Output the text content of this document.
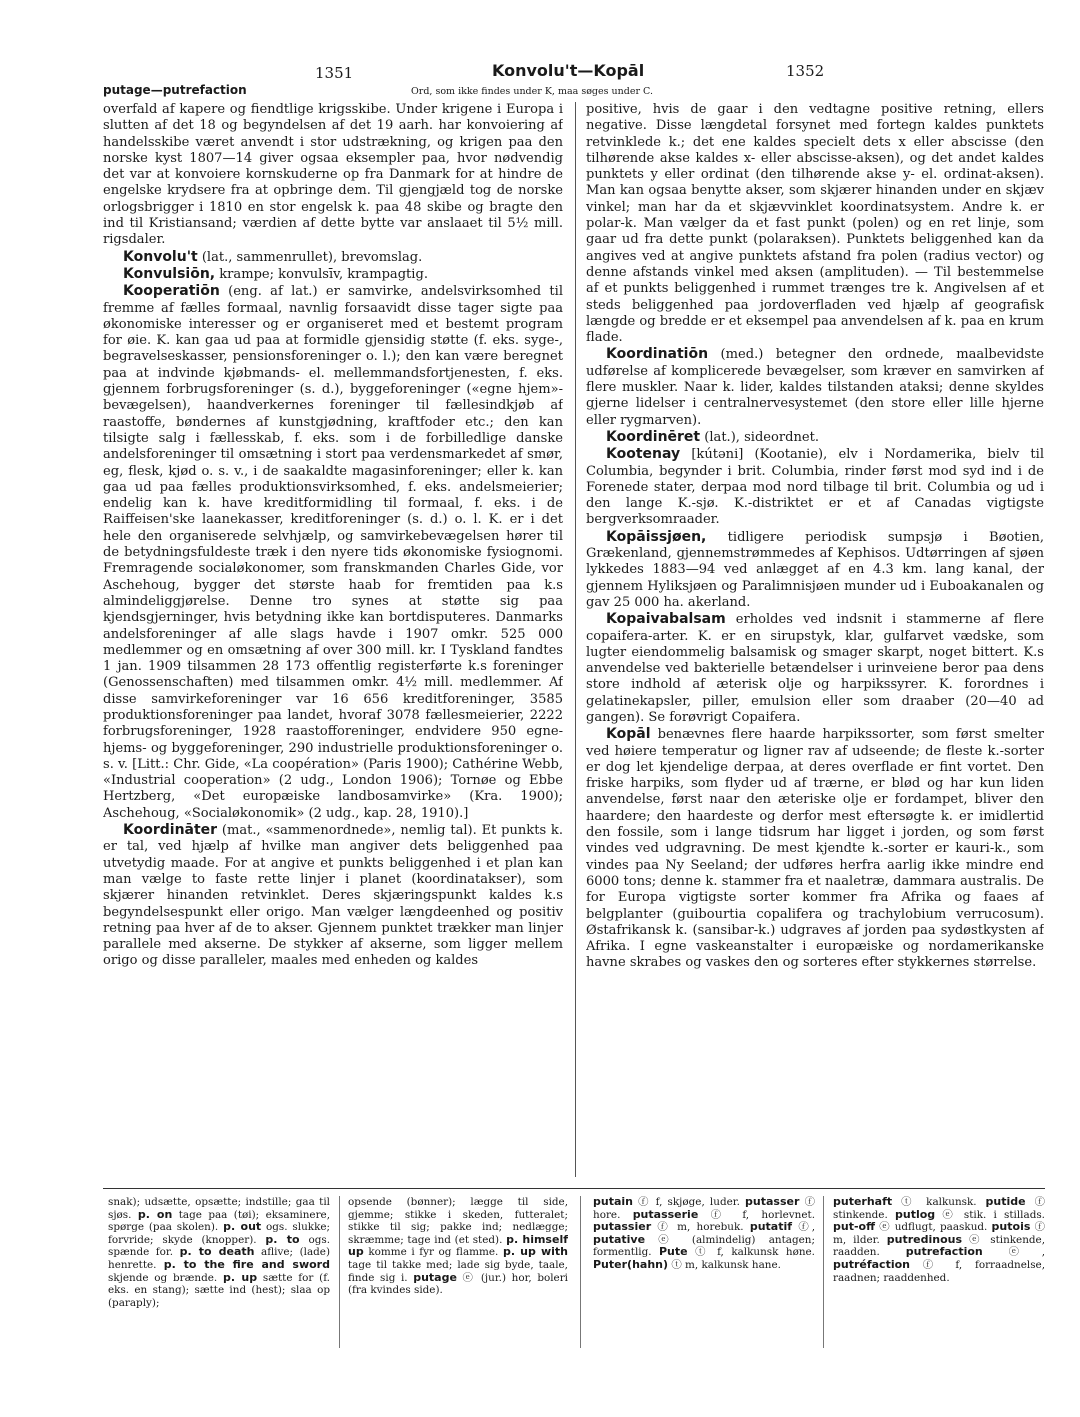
1351	Konvolu't—Kopāl	1352
putage—putrefaction	Ord, som ikke findes under K, maa søges under C.

overfald af kapere og fiendtlige krigsskibe. Under krigene i Europa i slutten af det 18 og begyndelsen af det 19 aarh. har konvoiering af handelsskibe været anvendt i stor udstrækning, og krigen paa den norske kyst 1807—14 giver ogsaa eksempler paa, hvor nødvendig det var at konvoiere kornskuderne op fra Danmark for at hindre de engelske krydsere fra at opbringe dem. Til gjengjæld tog de norske orlogsbrigger i 1810 en stor engelsk k. paa 48 skibe og bragte den ind til Kristiansand; værdien af dette bytte var anslaaet til 5½ mill. rigsdaler.

Konvolu't (lat., sammenrullet), brevomslag.

Konvulsiōn, krampe; konvulsīv, krampagtig.

Kooperatiōn (eng. af lat.) er samvirke, andelsvirksomhed til fremme af fælles formaal, navnlig forsaavidt disse tager sigte paa økonomiske interesser og er organiseret med et bestemt program for øie. K. kan gaa ud paa at formidle gjensidig støtte (f. eks. syge-, begravelseskasser, pensionsforeninger o. l.); den kan være beregnet paa at indvinde kjøbmands- el. mellemmandsfortjenesten, f. eks. gjennem forbrugsforeninger (s. d.), byggeforeninger («egne hjem»-bevægelsen), haandverkernes foreninger til fællesindkjøb af raastoffe, bøndernes af kunstgjødning, kraftfoder etc.; den kan tilsigte salg i fællesskab, f. eks. som i de forbilledlige danske andelsforeninger til omsætning i stort paa verdensmarkedet af smør, eg, flesk, kjød o. s. v., i de saakaldte magasinforeninger; eller k. kan gaa ud paa fælles produktionsvirksomhed, f. eks. andelsmeierier; endelig kan k. have kreditformidling til formaal, f. eks. i de Raiffeisen'ske laanekasser, kreditforeninger (s. d.) o. l. K. er i det hele den organiserede selvhjælp, og samvirkebevægelsen hører til de betydningsfuldeste træk i den nyere tids økonomiske fysiognomi. Fremragende socialøkonomer, som franskmanden Charles Gide, vor Aschehoug, bygger det største haab for fremtiden paa k.s almindeliggjørelse. Denne tro synes at støtte sig paa kjendsgjerninger, hvis betydning ikke kan bortdisputeres. Danmarks andelsforeninger af alle slags havde i 1907 omkr. 525 000 medlemmer og en omsætning af over 300 mill. kr. I Tyskland fandtes 1 jan. 1909 tilsammen 28 173 offentlig registerførte k.s foreninger (Genossenschaften) med tilsammen omkr. 4½ mill. medlemmer. Af disse samvirkeforeninger var 16 656 kreditforeninger, 3585 produktionsforeninger paa landet, hvoraf 3078 fællesmeierier, 2222 forbrugsforeninger, 1928 raastofforeninger, endvidere 950 egne-hjems- og byggeforeninger, 290 industrielle produktionsforeninger o. s. v. [Litt.: Chr. Gide, «La coopération» (Paris 1900); Cathérine Webb, «Industrial cooperation» (2 udg., London 1906); Tornøe og Ebbe Hertzberg, «Det europæiske landbosamvirke» (Kra. 1900); Aschehoug, «Socialøkonomik» (2 udg., kap. 28, 1910).]

Koordināter (mat., «sammenordnede», nemlig tal). Et punkts k. er tal, ved hjælp af hvilke man angiver dets beliggenhed paa utvetydig maade. For at angive et punkts beliggenhed i et plan kan man vælge to faste rette linjer i planet (koordinatakser), som skjærer hinanden retvinklet. Deres skjæringspunkt kaldes k.s begyndelsespunkt eller origo. Man vælger længdeenhed og positiv retning paa hver af de to akser. Gjennem punktet trækker man linjer parallele med akserne. De stykker af akserne, som ligger mellem origo og disse paralleler, maales med enheden og kaldes

positive, hvis de gaar i den vedtagne positive retning, ellers negative. Disse længdetal forsynet med fortegn kaldes punktets retvinklede k.; det ene kaldes specielt dets x eller abscisse (den tilhørende akse kaldes x- eller abscisse-aksen), og det andet kaldes punktets y eller ordinat (den tilhørende akse y- el. ordinat-aksen). Man kan ogsaa benytte akser, som skjærer hinanden under en skjæv vinkel; man har da et skjævvinklet koordinatsystem. Andre k. er polar-k. Man vælger da et fast punkt (polen) og en ret linje, som gaar ud fra dette punkt (polaraksen). Punktets beliggenhed kan da angives ved at angive punktets afstand fra polen (radius vector) og denne afstands vinkel med aksen (amplituden). — Til bestemmelse af et punkts beliggenhed i rummet trænges tre k. Angivelsen af et steds beliggenhed paa jordoverfladen ved hjælp af geografisk længde og bredde er et eksempel paa anvendelsen af k. paa en krum flade.

Koordinatiōn (med.) betegner den ordnede, maalbevidste udførelse af komplicerede bevægelser, som kræver en samvirken af flere muskler. Naar k. lider, kaldes tilstanden ataksi; denne skyldes gjerne lidelser i centralnervesystemet (den store eller lille hjerne eller rygmarven).

Koordinēret (lat.), sideordnet.

Kootenay [kútəni] (Kootanie), elv i Nordamerika, bielv til Columbia, begynder i brit. Columbia, rinder først mod syd ind i de Forenede stater, derpaa mod nord tilbage til brit. Columbia og ud i den lange K.-sjø. K.-distriktet er et af Canadas vigtigste bergverksomraader.

Kopāissjøen, tidligere periodisk sumpsjø i Bøotien, Grækenland, gjennemstrømmedes af Kephisos. Udtørringen af sjøen lykkedes 1883—94 ved anlægget af en 4.3 km. lang kanal, der gjennem Hyliksjøen og Paralimnisjøen munder ud i Euboakanalen og gav 25 000 ha. akerland.

Kopaivabalsam erholdes ved indsnit i stammerne af flere copaifera-arter. K. er en sirupstyk, klar, gulfarvet vædske, som lugter eiendommelig balsamisk og smager skarpt, noget bittert. K.s anvendelse ved bakterielle betændelser i urinveiene beror paa dens store indhold af æterisk olje og harpikssyrer. K. forordnes i gelatinekapsler, piller, emulsion eller som draaber (20—40 ad gangen). Se forøvrigt Copaifera.

Kopāl benævnes flere haarde harpikssorter, som først smelter ved høiere temperatur og ligner rav af udseende; de fleste k.-sorter er dog let kjendelige derpaa, at deres overflade er fint vortet. Den friske harpiks, som flyder ud af trærne, er blød og har kun liden anvendelse, først naar den æteriske olje er fordampet, bliver den haardere; den haardeste og derfor mest eftersøgte k. er imidlertid den fossile, som i lange tidsrum har ligget i jorden, og som først vindes ved udgravning. De mest kjendte k.-sorter er kauri-k., som vindes paa Ny Seeland; der udføres herfra aarlig ikke mindre end 6000 tons; denne k. stammer fra et naaletræ, dammara australis. De for Europa vigtigste sorter kommer fra Afrika og faaes af belgplanter (guibourtia copalifera og trachylobium verrucosum). Østafrikansk k. (sansibar-k.) udgraves af jorden paa sydøstkysten af Afrika. I egne vaskeanstalter i europæiske og nordamerikanske havne skrabes og vaskes den og sorteres efter stykkernes størrelse.

snak); udsætte, opsætte; indstille; gaa til sjøs. p. on tage paa (tøi); eksaminere, spørge (paa skolen). p. out ogs. slukke; forvride; skyde (knopper). p. to ogs. spænde for. p. to death aflive; (lade) henrette. p. to the fire and sword skjende og brænde. p. up sætte for (f. eks. en stang); sætte ind (hest); slaa op (paraply);
opsende (bønner); lægge til side, gjemme; stikke i skeden, futteralet; stikke til sig; pakke ind; nedlægge; skræmme; tage ind (et sted). p. himself up komme i fyr og flamme. p. up with tage til takke med; lade sig byde, taale, finde sig i. putage ⓔ (jur.) hor, boleri (fra kvindes side).
putain ⓕ f, skjøge, luder. putasser ⓕ hore. putasserie ⓕ f, horlevnet. putassier ⓕ m, horebuk. putatif ⓕ, putative ⓔ (almindelig) antagen; formentlig. Pute ⓣ f, kalkunsk høne. Puter(hahn) ⓣ m, kalkunsk hane.
puterhaft ⓣ kalkunsk. putide ⓕ stinkende. putlog ⓔ stik. i stillads. put-off ⓔ udflugt, paaskud. putois ⓕ m, ilder. putredinous ⓔ stinkende, raadden. putrefaction ⓔ, putréfaction ⓕ f, forraadnelse, raadnen; raaddenhed.
